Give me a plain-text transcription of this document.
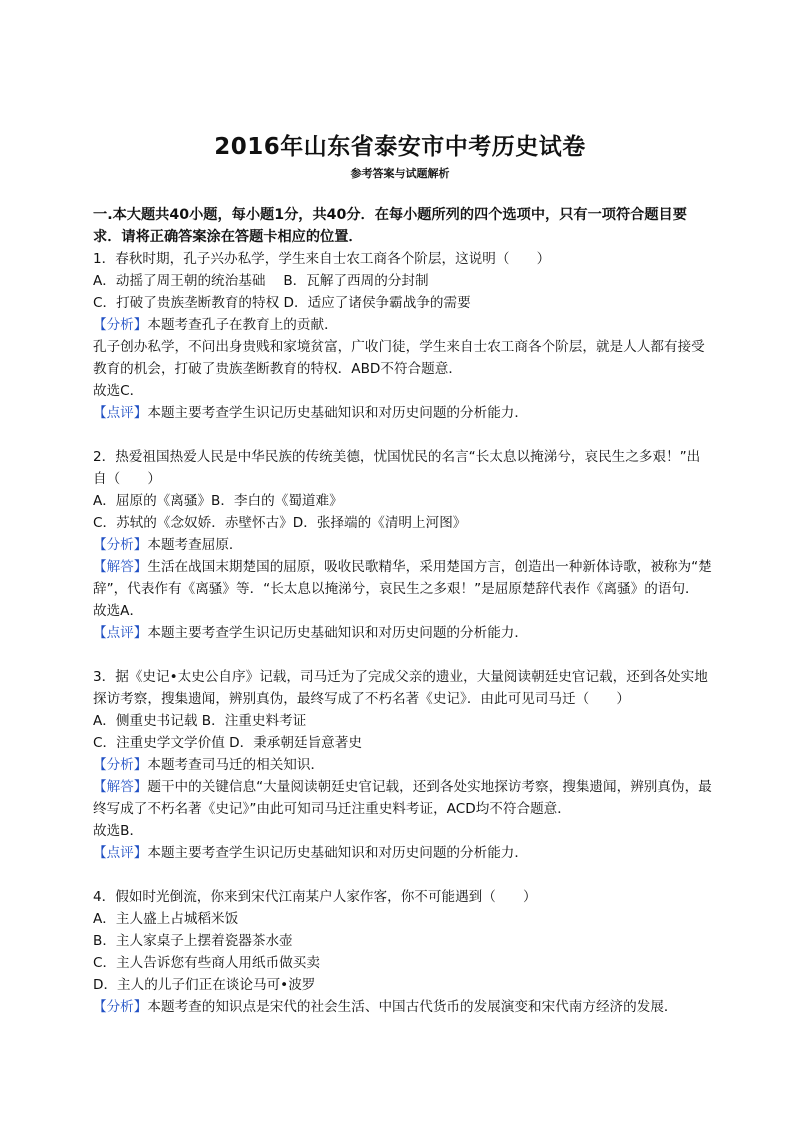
2016年山东省泰安市中考历史试卷
参考答案与试题解析
一.本大题共40小题，每小题1分，共40分．在每小题所列的四个选项中，只有一项符合题目要求．请将正确答案涂在答题卡相应的位置．
1．春秋时期，孔子兴办私学，学生来自士农工商各个阶层，这说明（　　）
A．动摇了周王朝的统治基础　 B．瓦解了西周的分封制
C．打破了贵族垄断教育的特权 D．适应了诸侯争霸战争的需要
【分析】本题考查孔子在教育上的贡献．
孔子创办私学，不问出身贵贱和家境贫富，广收门徒，学生来自士农工商各个阶层，就是人人都有接受教育的机会，打破了贵族垄断教育的特权．ABD不符合题意．
故选C．
【点评】本题主要考查学生识记历史基础知识和对历史问题的分析能力．
2．热爱祖国热爱人民是中华民族的传统美德，忧国忧民的名言“长太息以掩涕兮，哀民生之多艰！”出自（　　）
A．屈原的《离骚》B．李白的《蜀道难》
C．苏轼的《念奴娇．赤壁怀古》D．张择端的《清明上河图》
【分析】本题考查屈原．
【解答】生活在战国末期楚国的屈原，吸收民歌精华，采用楚国方言，创造出一种新体诗歌，被称为“楚辞”，代表作有《离骚》等．“长太息以掩涕兮，哀民生之多艰！”是屈原楚辞代表作《离骚》的语句．
故选A．
【点评】本题主要考查学生识记历史基础知识和对历史问题的分析能力．
3．据《史记•太史公自序》记载，司马迁为了完成父亲的遗业，大量阅读朝廷史官记载，还到各处实地探访考察，搜集遗闻，辨别真伪，最终写成了不朽名著《史记》．由此可见司马迁（　　）
A．侧重史书记载 B．注重史料考证
C．注重史学文学价值 D．秉承朝廷旨意著史
【分析】本题考查司马迁的相关知识．
【解答】题干中的关键信息“大量阅读朝廷史官记载，还到各处实地探访考察，搜集遗闻，辨别真伪，最终写成了不朽名著《史记》”由此可知司马迁注重史料考证，ACD均不符合题意．
故选B．
【点评】本题主要考查学生识记历史基础知识和对历史问题的分析能力．
4．假如时光倒流，你来到宋代江南某户人家作客，你不可能遇到（　　）
A．主人盛上占城稻米饭
B．主人家桌子上摆着瓷器茶水壶
C．主人告诉您有些商人用纸币做买卖
D．主人的儿子们正在谈论马可•波罗
【分析】本题考查的知识点是宋代的社会生活、中国古代货币的发展演变和宋代南方经济的发展．
